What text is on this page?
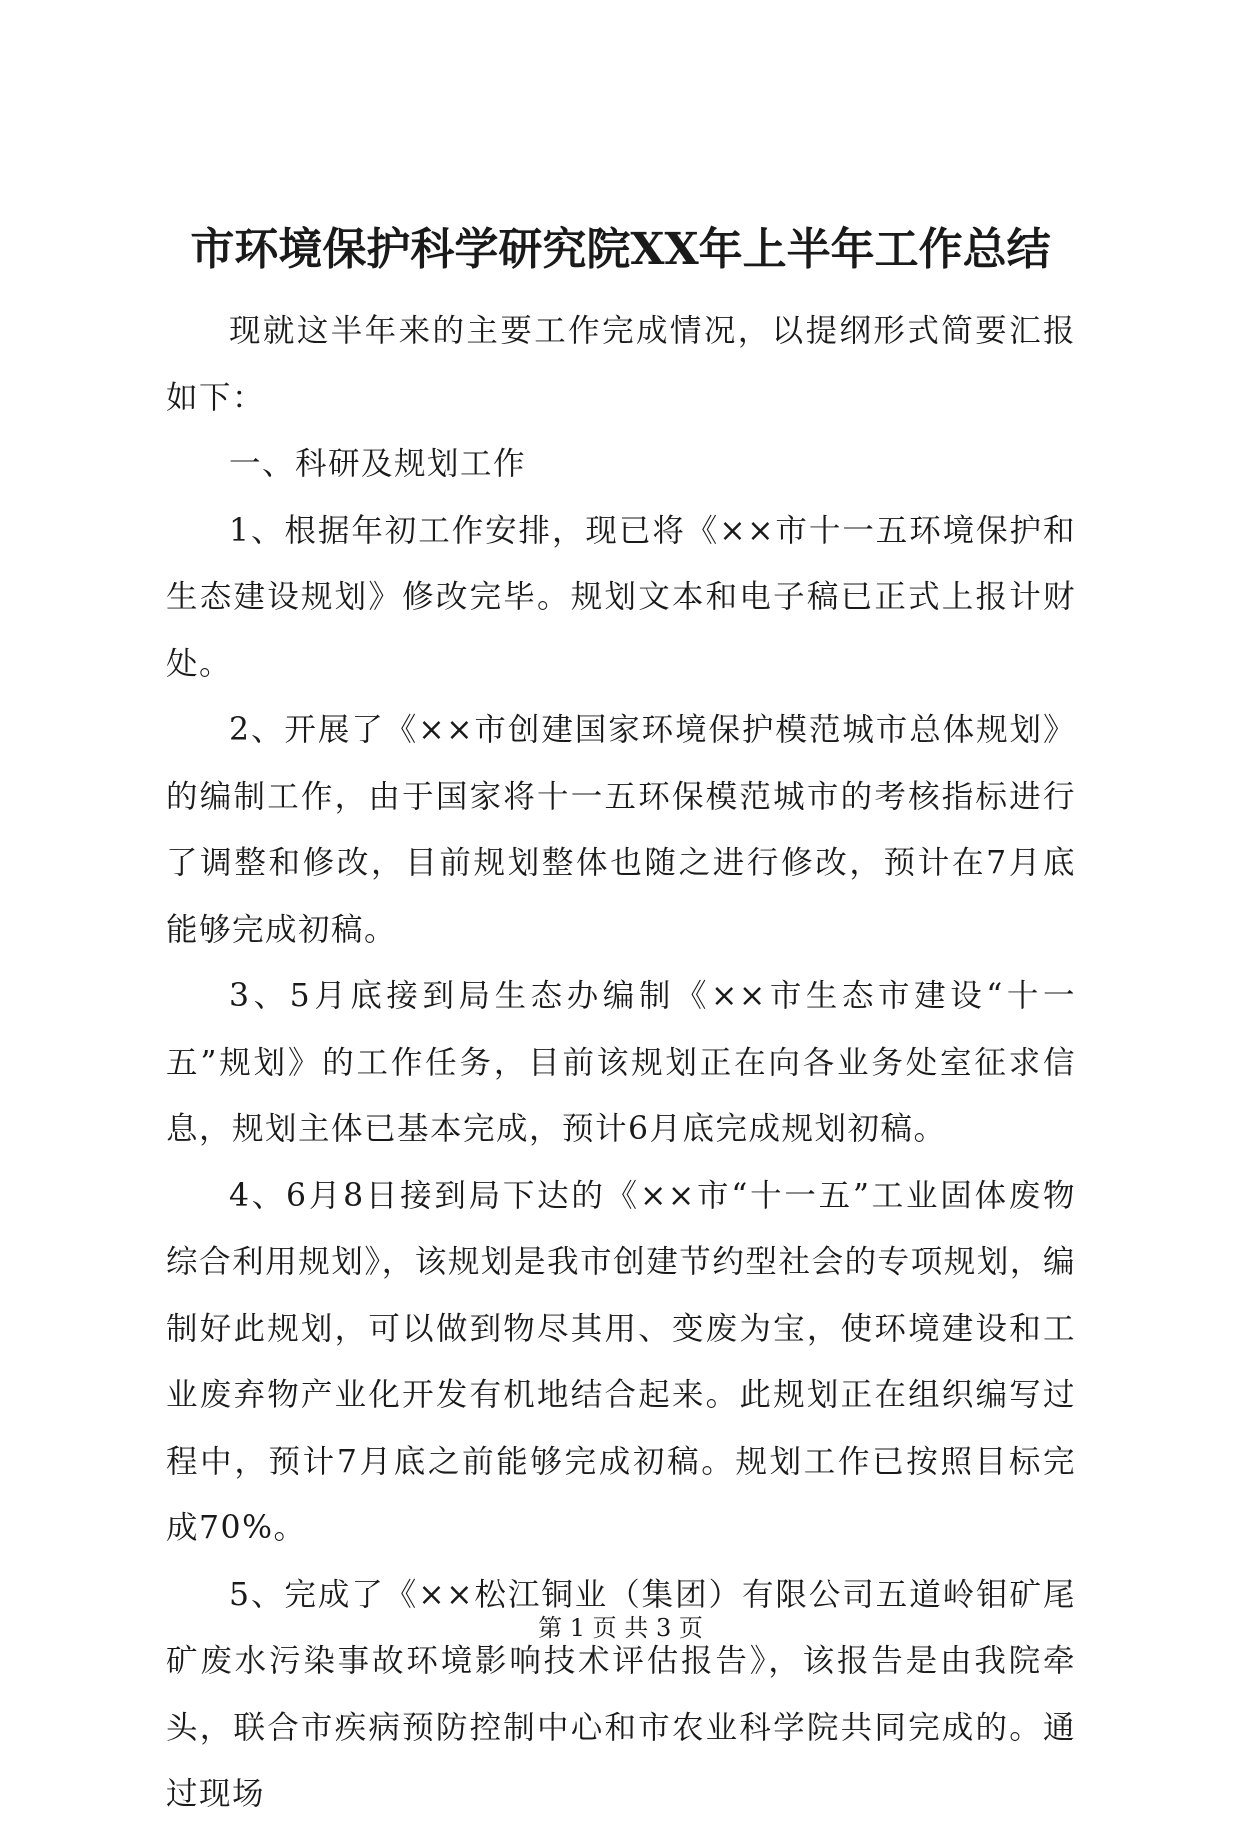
市环境保护科学研究院XX年上半年工作总结

现就这半年来的主要工作完成情况，以提纲形式简要汇报如下：

一、科研及规划工作

1、根据年初工作安排，现已将《××市十一五环境保护和生态建设规划》修改完毕。规划文本和电子稿已正式上报计财处。

2、开展了《××市创建国家环境保护模范城市总体规划》的编制工作，由于国家将十一五环保模范城市的考核指标进行了调整和修改，目前规划整体也随之进行修改，预计在7月底能够完成初稿。

3、5月底接到局生态办编制《××市生态市建设“十一五”规划》的工作任务，目前该规划正在向各业务处室征求信息，规划主体已基本完成，预计6月底完成规划初稿。

4、6月8日接到局下达的《××市“十一五”工业固体废物综合利用规划》，该规划是我市创建节约型社会的专项规划，编制好此规划，可以做到物尽其用、变废为宝，使环境建设和工业废弃物产业化开发有机地结合起来。此规划正在组织编写过程中，预计7月底之前能够完成初稿。规划工作已按照目标完成70%。

5、完成了《××松江铜业（集团）有限公司五道岭钼矿尾矿废水污染事故环境影响技术评估报告》，该报告是由我院牵头，联合市疾病预防控制中心和市农业科学院共同完成的。通过现场

第 1 页 共 3 页
